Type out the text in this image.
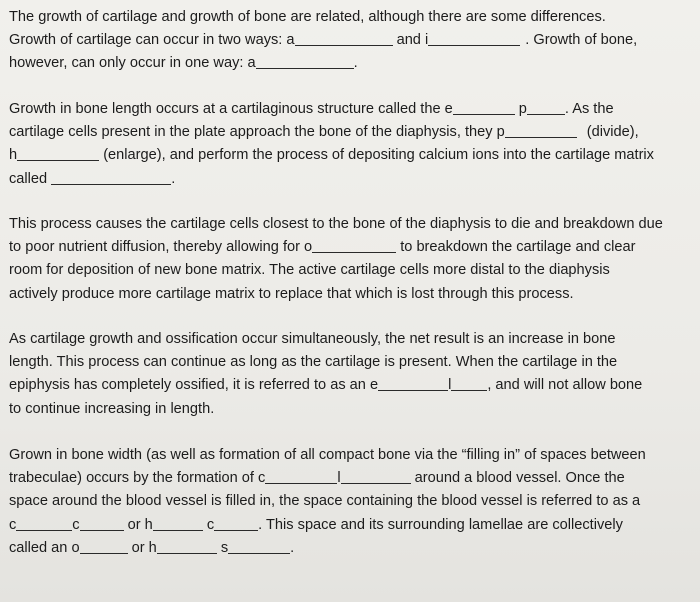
The growth of cartilage and growth of bone are related, although there are some differences.
Growth of cartilage can occur in two ways: a	and i	. Growth of bone,
however, can only occur in one way: a	.
Growth in bone length occurs at a cartilaginous structure called the e	p	. As the
cartilage cells present in the plate approach the bone of the diaphysis, they p	(divide),
h	(enlarge), and perform the process of depositing calcium ions into the cartilage matrix
called	.
This process causes the cartilage cells closest to the bone of the diaphysis to die and breakdown due
to poor nutrient diffusion, thereby allowing for o	to breakdown the cartilage and clear
room for deposition of new bone matrix. The active cartilage cells more distal to the diaphysis
actively produce more cartilage matrix to replace that which is lost through this process.
As cartilage growth and ossification occur simultaneously, the net result is an increase in bone
length. This process can continue as long as the cartilage is present. When the cartilage in the
epiphysis has completely ossified, it is referred to as an e	l , and will not allow bone
to continue increasing in length.
Grown in bone width (as well as formation of all compact bone via the “filling in” of spaces between
trabeculae) occurs by the formation of c	l	around a blood vessel. Once the
space around the blood vessel is filled in, the space containing the blood vessel is referred to as a
c	c	or h	c	. This space and its surrounding lamellae are collectively
called an o	or h	s	.
